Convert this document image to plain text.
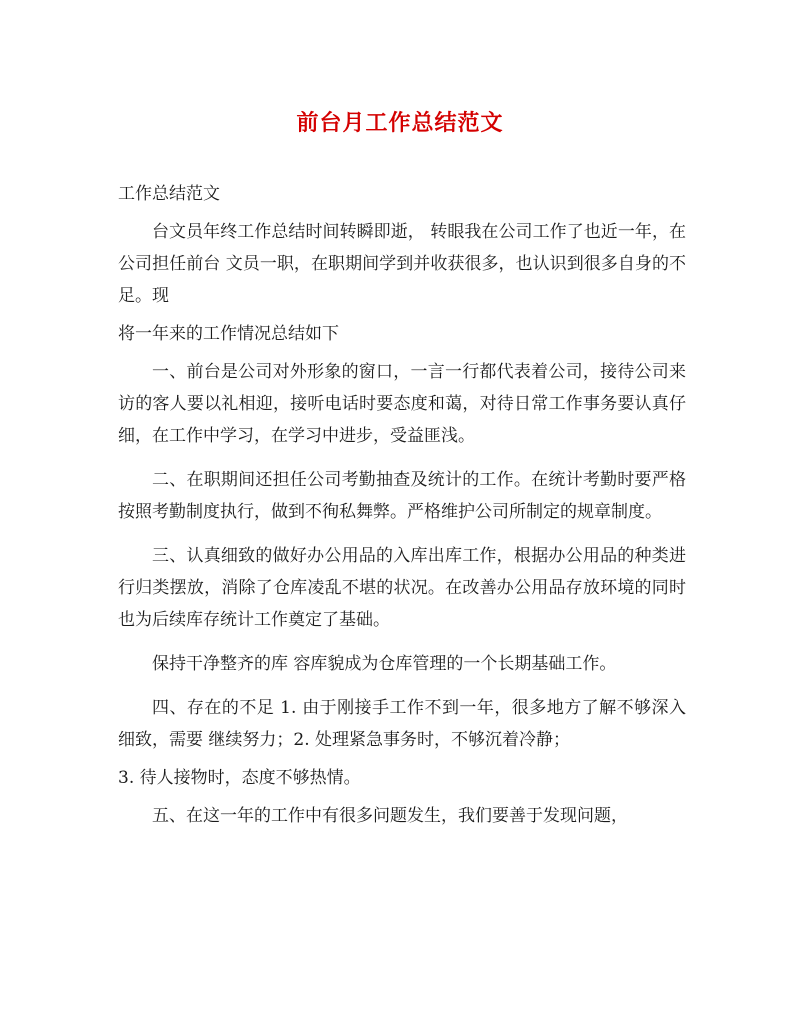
前台月工作总结范文

工作总结范文

台文员年终工作总结时间转瞬即逝， 转眼我在公司工作了也近一年，在公司担任前台 文员一职，在职期间学到并收获很多，也认识到很多自身的不足。现

将一年来的工作情况总结如下

一、前台是公司对外形象的窗口，一言一行都代表着公司，接待公司来访的客人要以礼相迎，接听电话时要态度和蔼，对待日常工作事务要认真仔细，在工作中学习，在学习中进步，受益匪浅。

二、在职期间还担任公司考勤抽查及统计的工作。在统计考勤时要严格按照考勤制度执行，做到不徇私舞弊。严格维护公司所制定的规章制度。

三、认真细致的做好办公用品的入库出库工作，根据办公用品的种类进行归类摆放，消除了仓库凌乱不堪的状况。在改善办公用品存放环境的同时也为后续库存统计工作奠定了基础。

保持干净整齐的库 容库貌成为仓库管理的一个长期基础工作。

四、存在的不足 1. 由于刚接手工作不到一年，很多地方了解不够深入细致，需要 继续努力；2. 处理紧急事务时，不够沉着冷静；

3. 待人接物时，态度不够热情。

五、在这一年的工作中有很多问题发生，我们要善于发现问题，
